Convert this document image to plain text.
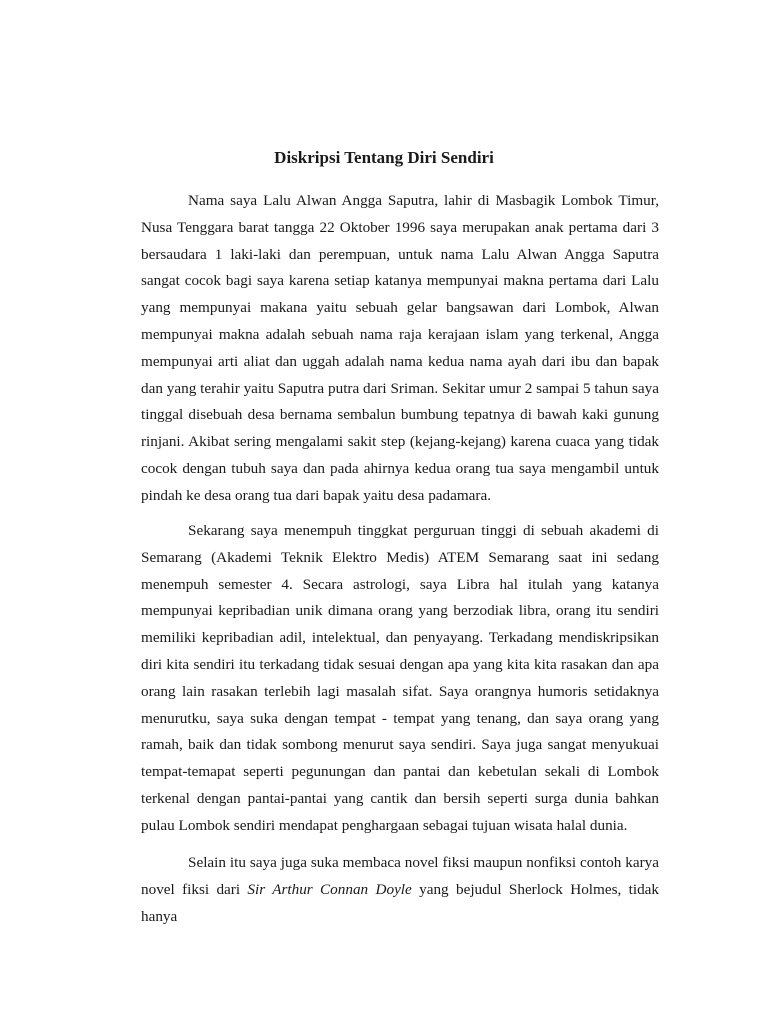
Diskripsi Tentang Diri Sendiri

Nama saya Lalu Alwan Angga Saputra, lahir di Masbagik Lombok Timur, Nusa Tenggara barat tangga 22 Oktober 1996 saya merupakan anak pertama dari 3 bersaudara 1 laki-laki dan perempuan, untuk nama Lalu Alwan Angga Saputra sangat cocok bagi saya karena setiap katanya mempunyai makna pertama dari Lalu yang mempunyai makana yaitu sebuah gelar bangsawan dari Lombok, Alwan mempunyai makna adalah sebuah nama raja kerajaan islam yang terkenal, Angga mempunyai arti aliat dan uggah adalah nama kedua nama ayah dari ibu dan bapak dan yang terahir yaitu Saputra putra dari Sriman. Sekitar umur 2 sampai 5 tahun saya tinggal disebuah desa bernama sembalun bumbung tepatnya di bawah kaki gunung rinjani. Akibat sering mengalami sakit step (kejang-kejang) karena cuaca yang tidak cocok dengan tubuh saya dan pada ahirnya kedua orang tua saya mengambil untuk pindah ke desa orang tua dari bapak yaitu desa padamara.

Sekarang saya menempuh tinggkat perguruan tinggi di sebuah akademi di Semarang (Akademi Teknik Elektro Medis) ATEM Semarang saat ini sedang menempuh semester 4. Secara astrologi, saya Libra hal itulah yang katanya mempunyai kepribadian unik dimana orang yang berzodiak libra, orang itu sendiri memiliki kepribadian adil, intelektual, dan penyayang. Terkadang mendiskripsikan diri kita sendiri itu terkadang tidak sesuai dengan apa yang kita kita rasakan dan apa orang lain rasakan terlebih lagi masalah sifat. Saya orangnya humoris setidaknya menurutku, saya suka dengan tempat - tempat yang tenang, dan saya orang yang ramah, baik dan tidak sombong menurut saya sendiri. Saya juga sangat menyukuai tempat-temapat seperti pegunungan dan pantai dan kebetulan sekali di Lombok terkenal dengan pantai-pantai yang cantik dan bersih seperti surga dunia bahkan pulau Lombok sendiri mendapat penghargaan sebagai tujuan wisata halal dunia.

Selain itu saya juga suka membaca novel fiksi maupun nonfiksi contoh karya novel fiksi dari Sir Arthur Connan Doyle yang bejudul Sherlock Holmes, tidak hanya
